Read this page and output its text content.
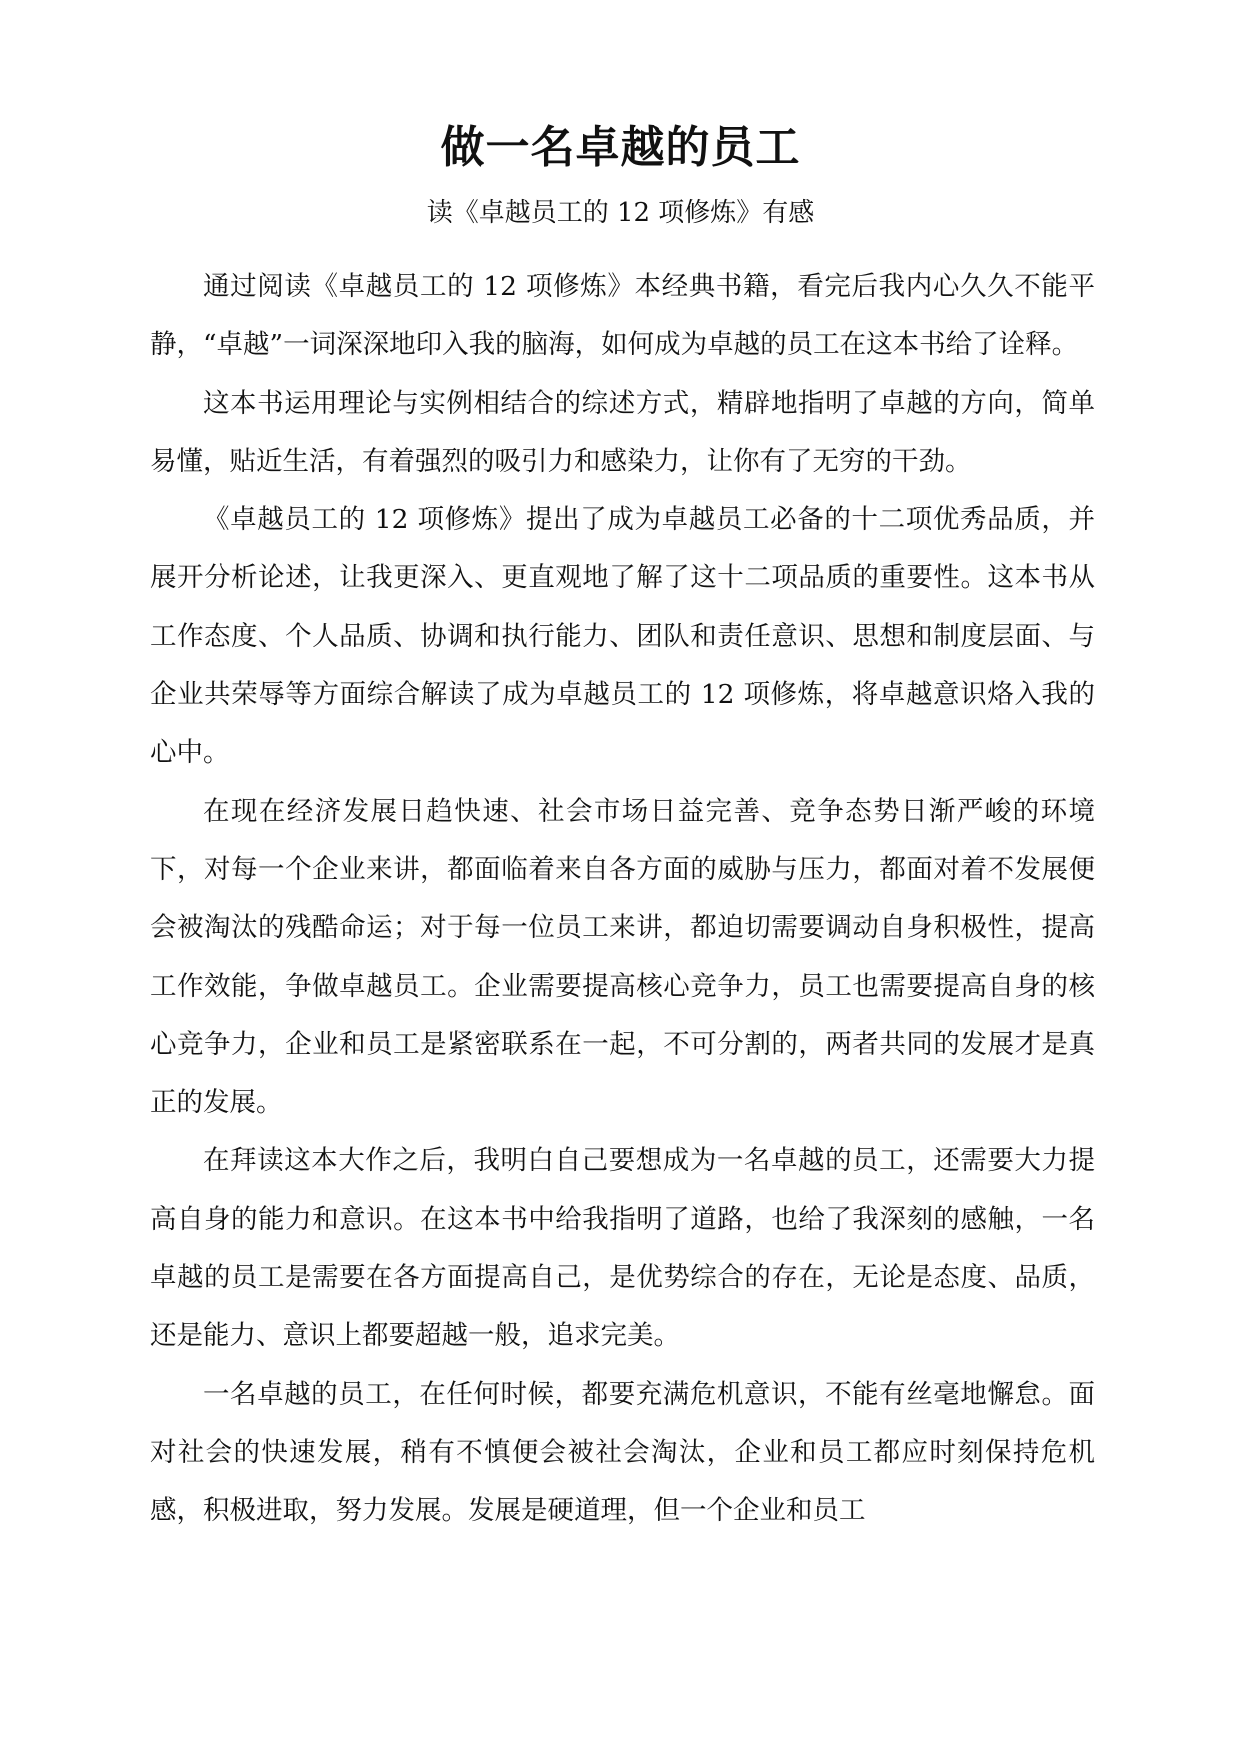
做一名卓越的员工

读《卓越员工的 12 项修炼》有感

通过阅读《卓越员工的 12 项修炼》本经典书籍，看完后我内心久久不能平静，“卓越”一词深深地印入我的脑海，如何成为卓越的员工在这本书给了诠释。

这本书运用理论与实例相结合的综述方式，精辟地指明了卓越的方向，简单易懂，贴近生活，有着强烈的吸引力和感染力，让你有了无穷的干劲。

《卓越员工的 12 项修炼》提出了成为卓越员工必备的十二项优秀品质，并展开分析论述，让我更深入、更直观地了解了这十二项品质的重要性。这本书从工作态度、个人品质、协调和执行能力、团队和责任意识、思想和制度层面、与企业共荣辱等方面综合解读了成为卓越员工的 12 项修炼，将卓越意识烙入我的心中。

在现在经济发展日趋快速、社会市场日益完善、竞争态势日渐严峻的环境下，对每一个企业来讲，都面临着来自各方面的威胁与压力，都面对着不发展便会被淘汰的残酷命运；对于每一位员工来讲，都迫切需要调动自身积极性，提高工作效能，争做卓越员工。企业需要提高核心竞争力，员工也需要提高自身的核心竞争力，企业和员工是紧密联系在一起，不可分割的，两者共同的发展才是真正的发展。

在拜读这本大作之后，我明白自己要想成为一名卓越的员工，还需要大力提高自身的能力和意识。在这本书中给我指明了道路，也给了我深刻的感触，一名卓越的员工是需要在各方面提高自己，是优势综合的存在，无论是态度、品质，还是能力、意识上都要超越一般，追求完美。

一名卓越的员工，在任何时候，都要充满危机意识，不能有丝毫地懈怠。面对社会的快速发展，稍有不慎便会被社会淘汰，企业和员工都应时刻保持危机感，积极进取，努力发展。发展是硬道理，但一个企业和员工
